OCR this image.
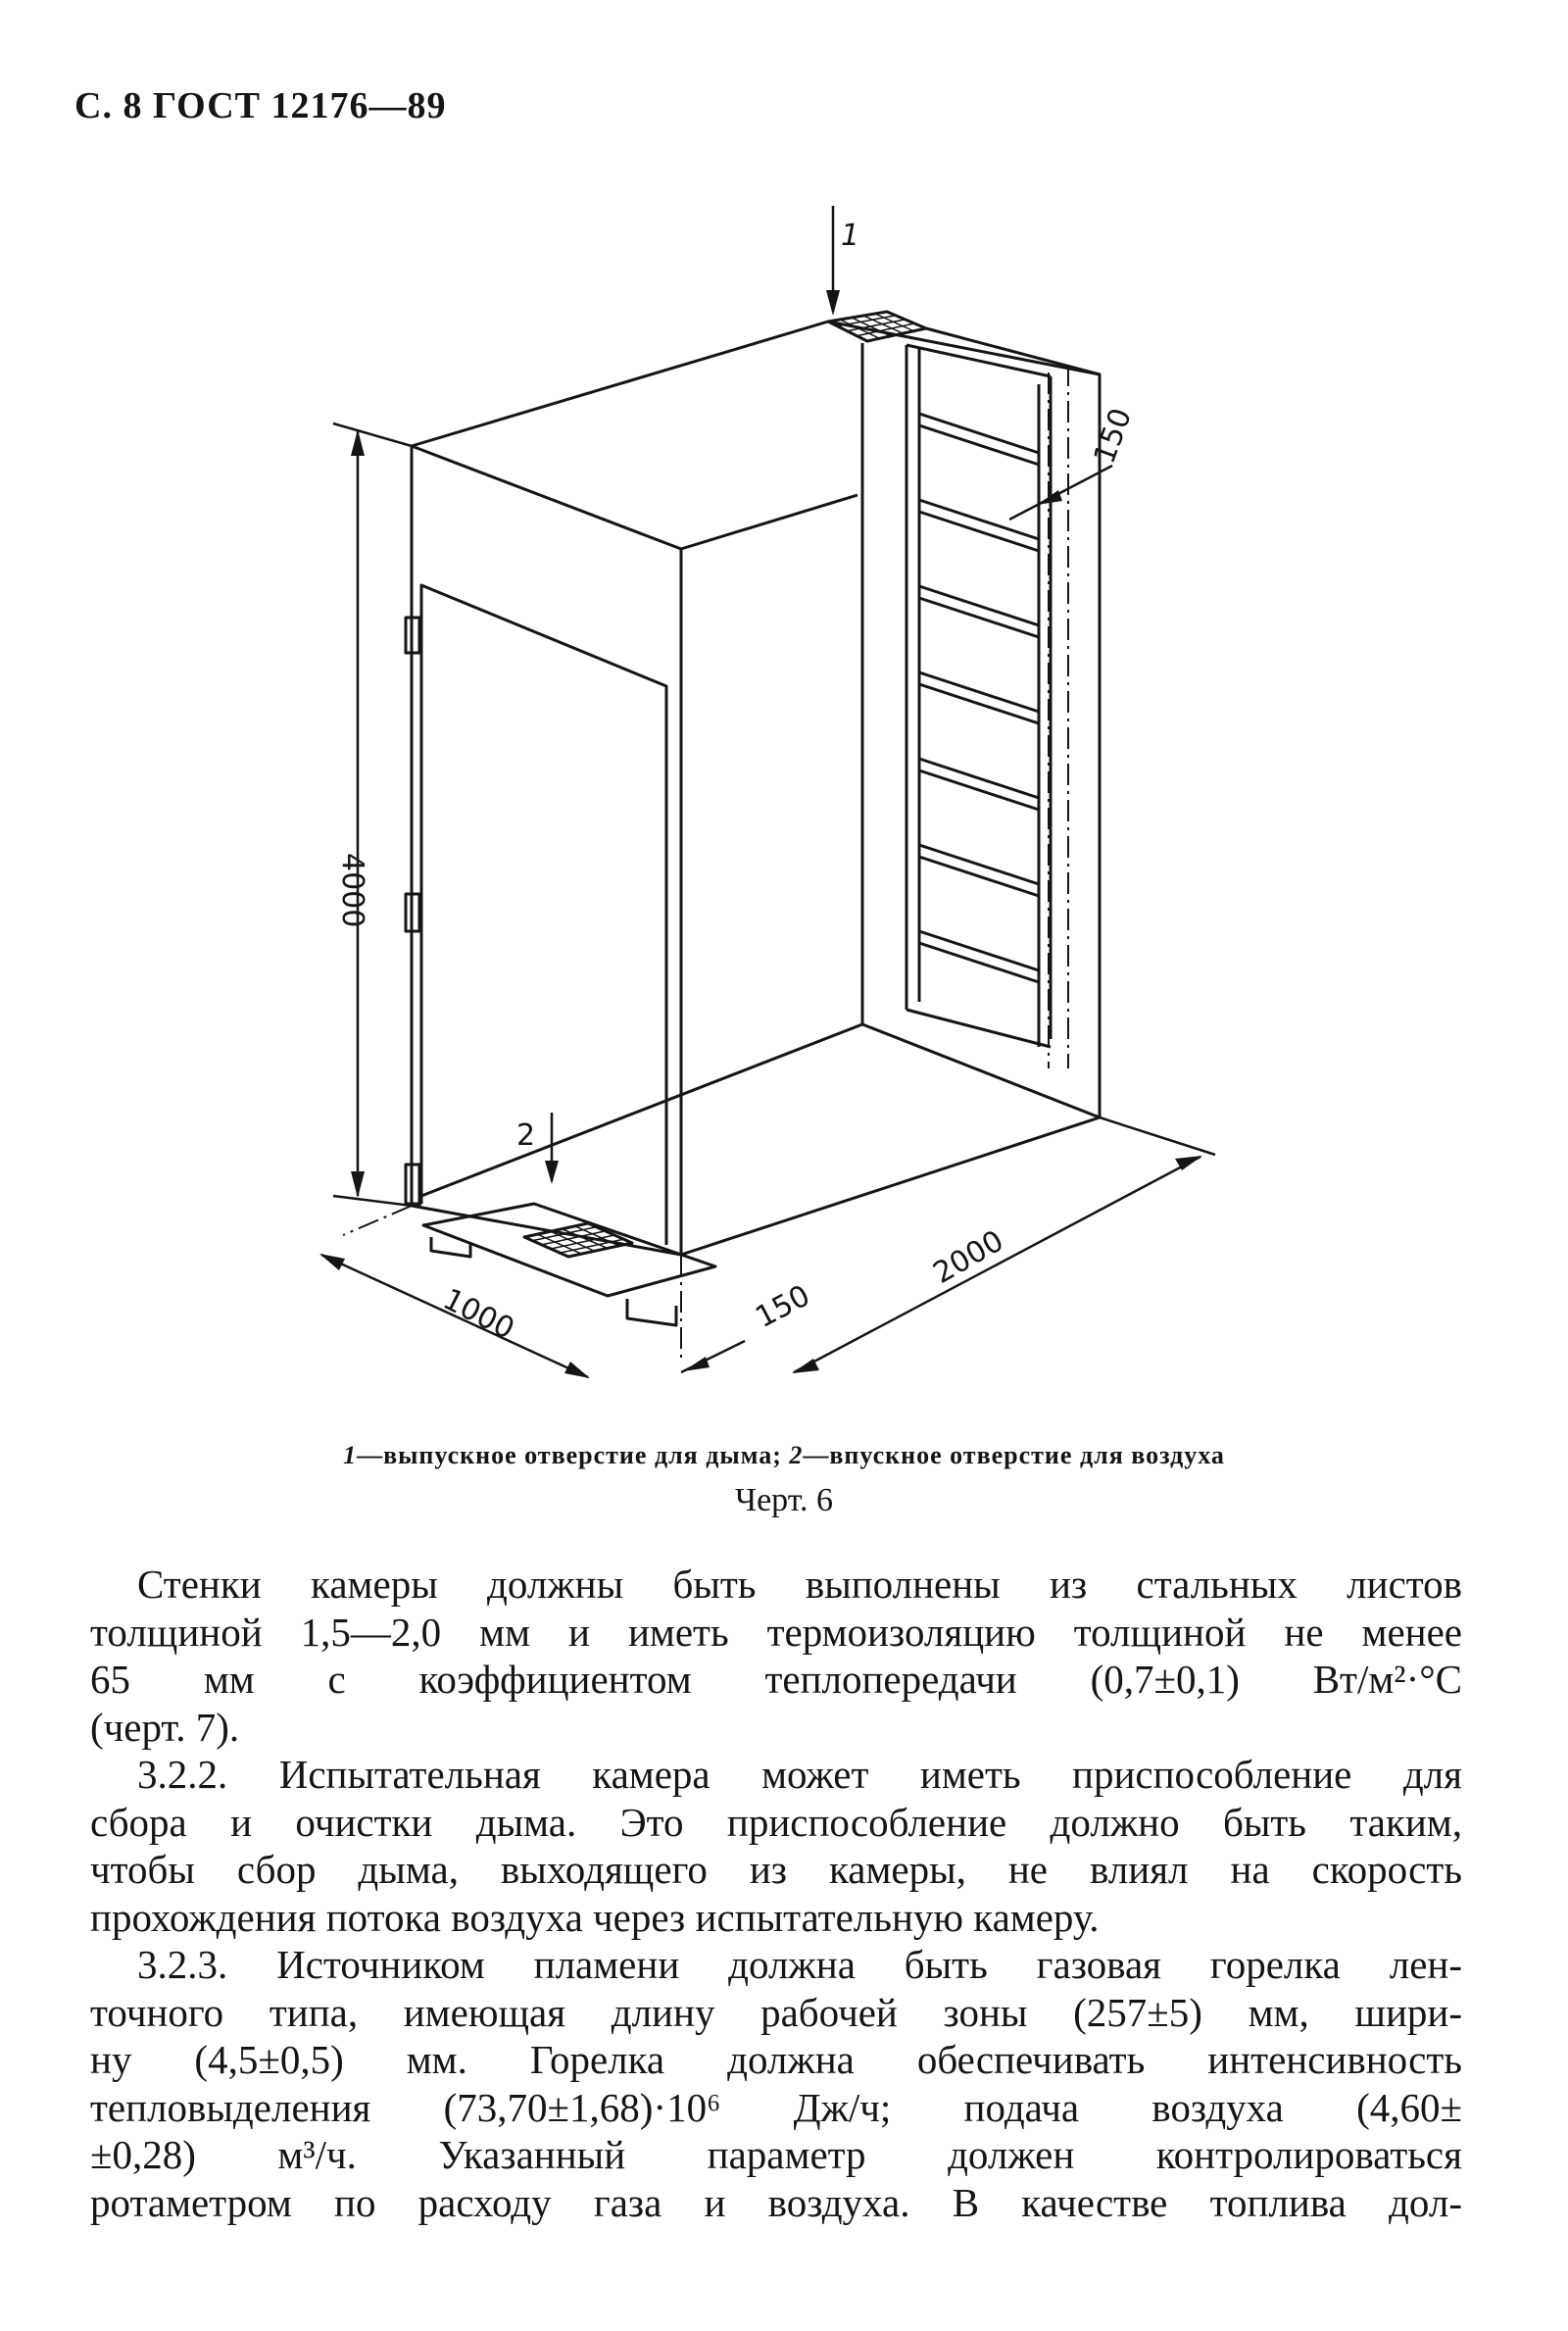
С. 8 ГОСТ 12176—89
1
2
4000
1000
2000
150
150
1—выпускное отверстие для дыма; 2—впускное отверстие для воздуха
Черт. 6
Стенки камеры должны быть выполнены из стальных листов
толщиной 1,5—2,0 мм и иметь термоизоляцию толщиной не менее
65 мм с коэффициентом теплопередачи (0,7±0,1) Вт/м²·°С
(черт. 7).
3.2.2. Испытательная камера может иметь приспособление для
сбора и очистки дыма. Это приспособление должно быть таким,
чтобы сбор дыма, выходящего из камеры, не влиял на скорость
прохождения потока воздуха через испытательную камеру.
3.2.3. Источником пламени должна быть газовая горелка лен-
точного типа, имеющая длину рабочей зоны (257±5) мм, шири-
ну (4,5±0,5) мм. Горелка должна обеспечивать интенсивность
тепловыделения (73,70±1,68)·10⁶ Дж/ч; подача воздуха (4,60±
±0,28) м³/ч. Указанный параметр должен контролироваться
ротаметром по расходу газа и воздуха. В качестве топлива дол-
